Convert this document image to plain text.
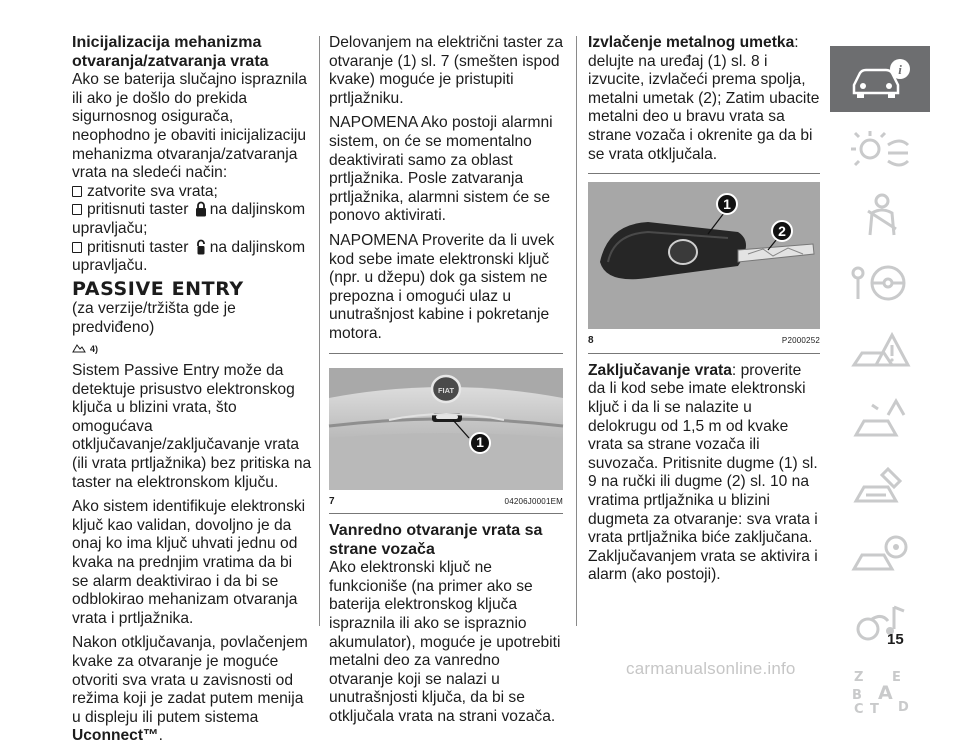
Inicijalizacija mehanizma
otvaranja/zatvaranja vrata

Ako se baterija slučajno ispraznila ili ako je došlo do prekida sigurnosnog osigurača, neophodno je obaviti inicijalizaciju mehanizma otvaranja/zatvaranja vrata na sledeći način:

zatvorite sva vrata;
pritisnuti taster na daljinskom upravljaču;
pritisnuti taster na daljinskom upravljaču.
PASSIVE ENTRY

(za verzije/tržišta gde je predviđeno)

4)

Sistem Passive Entry može da detektuje prisustvo elektronskog ključa u blizini vrata, što omogućava otključavanje/zaključavanje vrata (ili vrata prtljažnika) bez pritiska na taster na elektronskom ključu.

Ako sistem identifikuje elektronski ključ kao validan, dovoljno je da onaj ko ima ključ uhvati jednu od kvaka na prednjim vratima da bi se alarm deaktivirao i da bi se odblokirao mehanizam otvaranja vrata i prtljažnika.

Nakon otključavanja, povlačenjem kvake za otvaranje je moguće otvoriti sva vrata u zavisnosti od režima koji je zadat putem menija u displeju ili putem sistema Uconnect™.

Delovanjem na električni taster za otvaranje (1) sl. 7 (smešten ispod kvake) moguće je pristupiti prtljažniku.

NAPOMENA Ako postoji alarmni sistem, on će se momentalno deaktivirati samo za oblast prtljažnika. Posle zatvaranja prtljažnika, alarmni sistem će se ponovo aktivirati.

NAPOMENA Proverite da li uvek kod sebe imate elektronski ključ (npr. u džepu) dok ga sistem ne prepozna i omogući ulaz u unutrašnjost kabine i pokretanje motora.

FIAT
1
7	04206J0001EM
Vanredno otvaranje vrata sa strane vozača

Ako elektronski ključ ne funkcioniše (na primer ako se baterija elektronskog ključa ispraznila ili ako se ispraznio akumulator), moguće je upotrebiti metalni deo za vanredno otvaranje koji se nalazi u unutrašnjosti ključa, da bi se otključala vrata na strani vozača.

Izvlačenje metalnog umetka: delujte na uređaj (1) sl. 8 i izvucite, izvlačeći prema spolja, metalni umetak (2); Zatim ubacite metalni deo u bravu vrata sa strane vozača i okrenite ga da bi se vrata otključala.

1
2
8	P2000252

Zaključavanje vrata: proverite da li kod sebe imate elektronski ključ i da li se nalazite u delokrugu od 1,5 m od kvake vrata sa strane vozača ili suvozača. Pritisnite dugme (1) sl. 9 na ručki ili dugme (2) sl. 10 na vratima prtljažnika u blizini dugmeta za otvaranje: sva vrata i vrata prtljažnika biće zaključana. Zaključavanjem vrata se aktivira i alarm (ako postoji).

i
Z E
B A
C T D
15
carmanualsonline.info
